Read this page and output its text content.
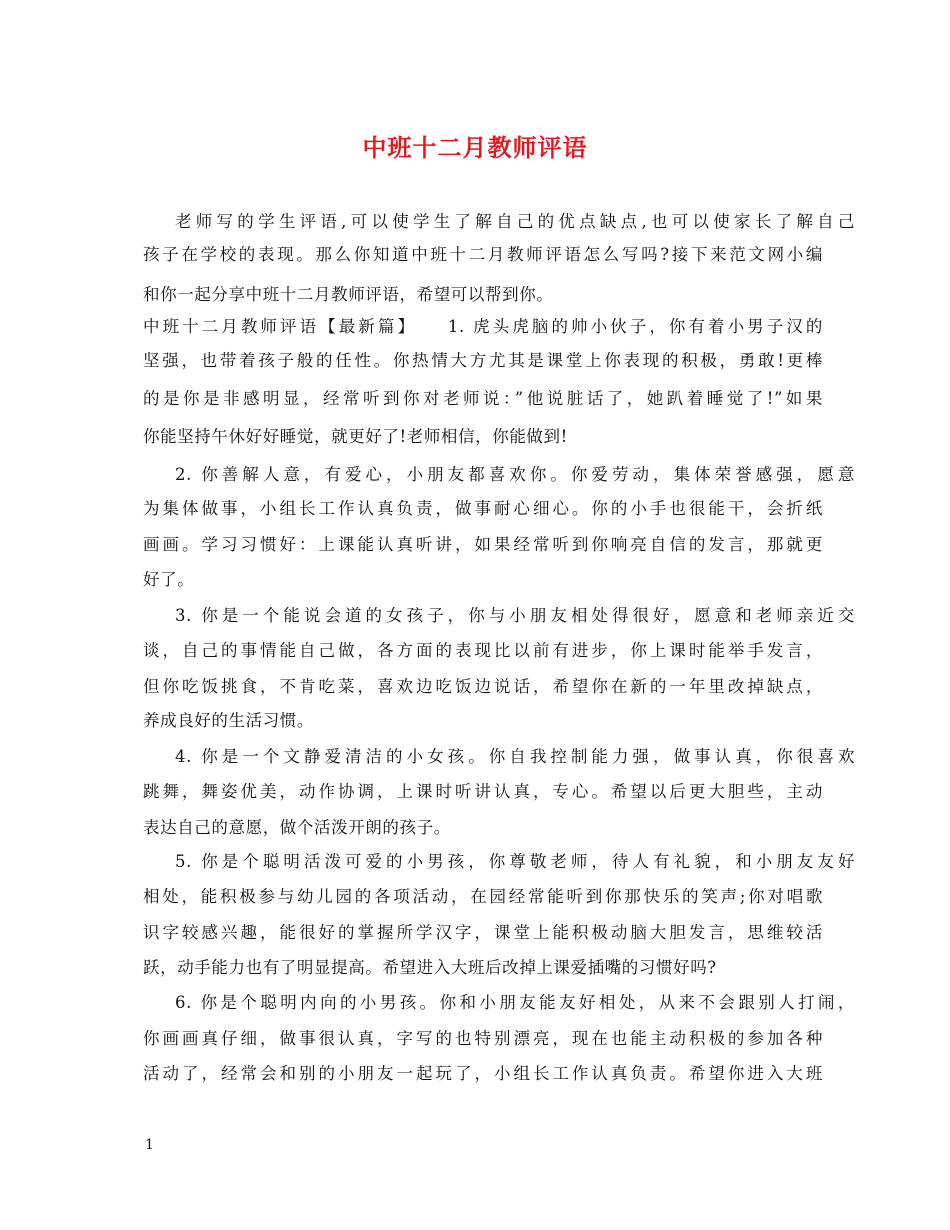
中班十二月教师评语
老师写的学生评语,可以使学生了解自己的优点缺点,也可以使家长了解自己
孩子在学校的表现。那么你知道中班十二月教师评语怎么写吗?接下来范文网小编
和你一起分享中班十二月教师评语，希望可以帮到你。
中班十二月教师评语【最新篇】　　1. 虎头虎脑的帅小伙子，你有着小男子汉的
坚强，也带着孩子般的任性。你热情大方尤其是课堂上你表现的积极，勇敢!更棒
的是你是非感明显，经常听到你对老师说：”他说脏话了，她趴着睡觉了!”如果
你能坚持午休好好睡觉，就更好了!老师相信，你能做到!
2. 你善解人意，有爱心，小朋友都喜欢你。你爱劳动，集体荣誉感强，愿意
为集体做事，小组长工作认真负责，做事耐心细心。你的小手也很能干，会折纸
画画。学习习惯好：上课能认真听讲，如果经常听到你响亮自信的发言，那就更
好了。
3. 你是一个能说会道的女孩子，你与小朋友相处得很好，愿意和老师亲近交
谈，自己的事情能自己做，各方面的表现比以前有进步，你上课时能举手发言，
但你吃饭挑食，不肯吃菜，喜欢边吃饭边说话，希望你在新的一年里改掉缺点，
养成良好的生活习惯。
4. 你是一个文静爱清洁的小女孩。你自我控制能力强，做事认真，你很喜欢
跳舞，舞姿优美，动作协调，上课时听讲认真，专心。希望以后更大胆些，主动
表达自己的意愿，做个活泼开朗的孩子。
5. 你是个聪明活泼可爱的小男孩，你尊敬老师，待人有礼貌，和小朋友友好
相处，能积极参与幼儿园的各项活动，在园经常能听到你那快乐的笑声;你对唱歌
识字较感兴趣，能很好的掌握所学汉字，课堂上能积极动脑大胆发言，思维较活
跃，动手能力也有了明显提高。希望进入大班后改掉上课爱插嘴的习惯好吗?
6. 你是个聪明内向的小男孩。你和小朋友能友好相处，从来不会跟别人打闹，
你画画真仔细，做事很认真，字写的也特别漂亮，现在也能主动积极的参加各种
活动了，经常会和别的小朋友一起玩了，小组长工作认真负责。希望你进入大班
1
